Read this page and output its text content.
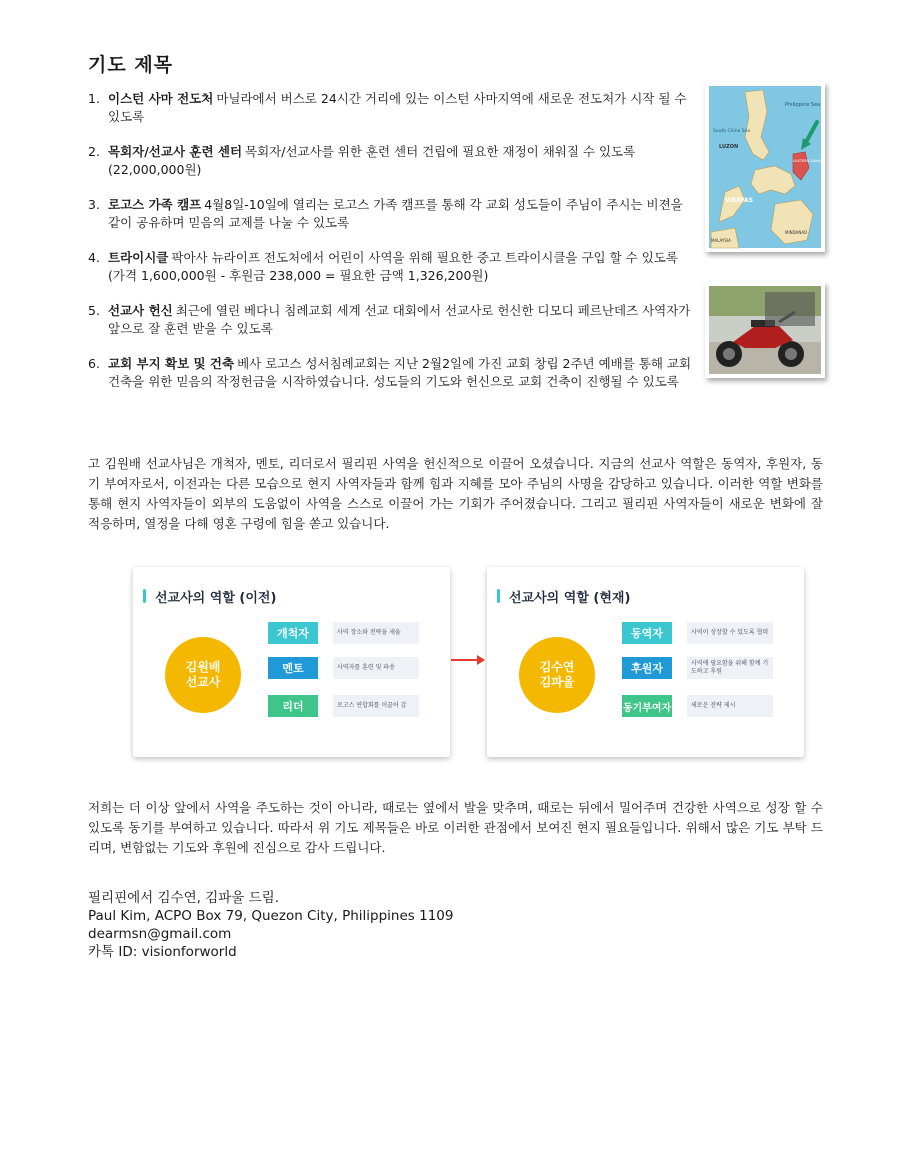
기도 제목
1. 이스턴 사마 전도처 마닐라에서 버스로 24시간 거리에 있는 이스턴 사마지역에 새로운 전도처가 시작 될 수 있도록
2. 목회자/선교사 훈련 센터 목회자/선교사를 위한 훈련 센터 건립에 필요한 재정이 채워질 수 있도록 (22,000,000원)
3. 로고스 가족 캠프 4월8일-10일에 열리는 로고스 가족 캠프를 통해 각 교회 성도들이 주님이 주시는 비젼을 같이 공유하며 믿음의 교제를 나눌 수 있도록
4. 트라이시클 팍아사 뉴라이프 전도처에서 어린이 사역을 위해 필요한 중고 트라이시클을 구입 할 수 있도록 (가격 1,600,000원 - 후원금 238,000 = 필요한 금액 1,326,200원)
5. 선교사 헌신 최근에 열린 베다니 침례교회 세계 선교 대회에서 선교사로 헌신한 디모디 페르난데즈 사역자가 앞으로 잘 훈련 받을 수 있도록
6. 교회 부지 확보 및 건축 베사 로고스 성서침례교회는 지난 2월2일에 가진 교회 창립 2주년 예배를 통해 교회 건축을 위한 믿음의 작정헌금을 시작하였습니다. 성도들의 기도와 헌신으로 교회 건축이 진행될 수 있도록
Philippine Sea
South China Sea
LUZON
VISAYAS
EASTERN SAMAR
MALAYSIA
MINDANAO

고 김원배 선교사님은 개척자, 멘토, 리더로서 필리핀 사역을 헌신적으로 이끌어 오셨습니다. 지금의 선교사 역할은 동역자, 후원자, 동기 부여자로서, 이전과는 다른 모습으로 현지 사역자들과 함께 힘과 지혜를 모아 주님의 사명을 감당하고 있습니다. 이러한 역할 변화를 통해 현지 사역자들이 외부의 도움없이 사역을 스스로 이끌어 가는 기회가 주어졌습니다. 그리고 필리핀 사역자들이 새로운 변화에 잘 적응하며, 열정을 다해 영혼 구령에 힘을 쏟고 있습니다.

선교사의 역할 (이전)
김원배
선교사
개척자	사역 장소와 전략을 세움
멘토	사역자를 훈련 및 파송
리더	로고스 연합회를 이끌어 감
선교사의 역할 (현재)
김수연
김파울
동역자	사역이 성장할 수 있도록 협력
후원자	사역에 필요함을 위해 함께 기도하고 후원
동기부여자	새로운 전략 제시

저희는 더 이상 앞에서 사역을 주도하는 것이 아니라, 때로는 옆에서 발을 맞추며, 때로는 뒤에서 밀어주며 건강한 사역으로 성장 할 수 있도록 동기를 부여하고 있습니다. 따라서 위 기도 제목들은 바로 이러한 관점에서 보여진 현지 필요들입니다. 위해서 많은 기도 부탁 드리며, 변함없는 기도와 후원에 진심으로 감사 드립니다.

필리핀에서 김수연, 김파울 드림.
Paul Kim, ACPO Box 79, Quezon City, Philippines 1109
dearmsn@gmail.com
카톡 ID: visionforworld
